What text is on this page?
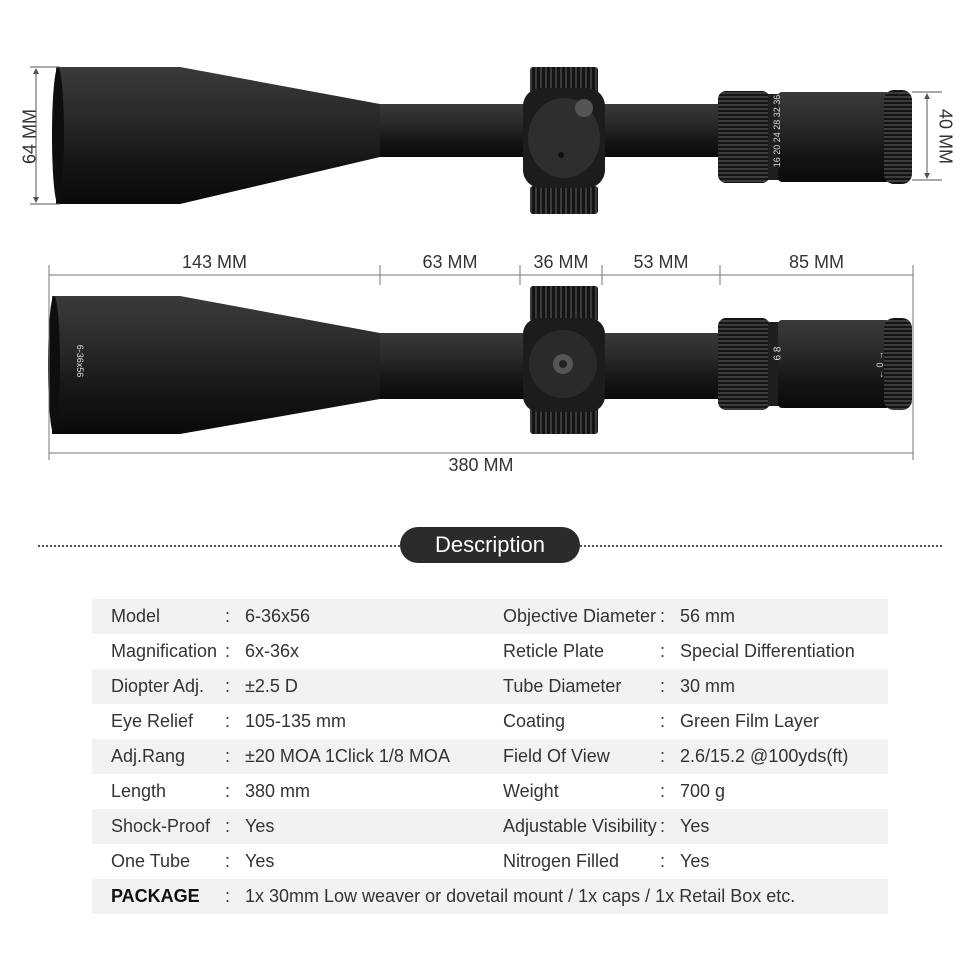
64 MM	40 MM
143 MM	63 MM	36 MM	53 MM	85 MM
380 MM
6-36x56
16 20 24 28 32 36
6 8	← 0 →
Description
Model	: 6-36x56	Objective Diameter : 56 mm
Magnification : 6x-36x	Reticle Plate	: Special Differentiation
Diopter Adj. : ±2.5 D	Tube Diameter : 30 mm
Eye Relief : 105-135 mm	Coating	: Green Film Layer
Adj.Rang : ±20 MOA 1Click 1/8 MOA	Field Of View	: 2.6/15.2 @100yds(ft)
Length	: 380 mm	Weight	: 700 g
Shock-Proof : Yes	Adjustable Visibility : Yes
One Tube : Yes	Nitrogen Filled : Yes
PACKAGE : 1x 30mm Low weaver or dovetail mount / 1x caps / 1x Retail Box etc.
